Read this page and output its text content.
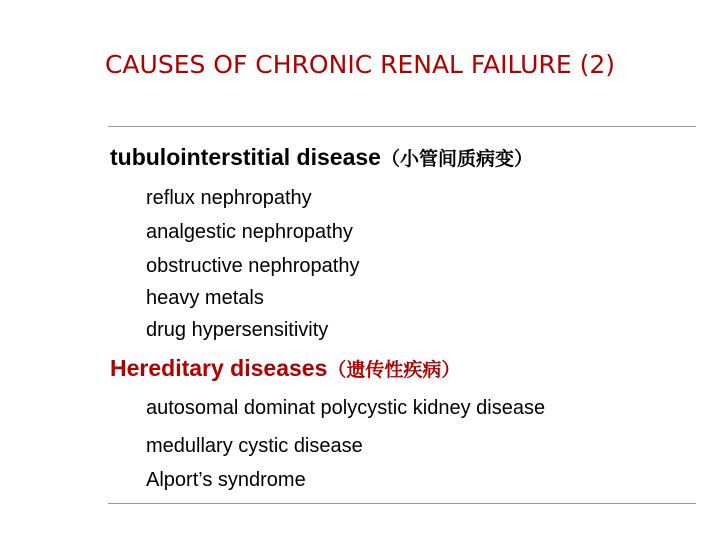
CAUSES OF CHRONIC RENAL FAILURE (2)
tubulointerstitial disease（小管间质病变）
reflux nephropathy
analgestic nephropathy
obstructive nephropathy
heavy metals
drug hypersensitivity
Hereditary diseases（遗传性疾病）
autosomal dominat polycystic kidney disease
medullary cystic disease
Alport’s syndrome
